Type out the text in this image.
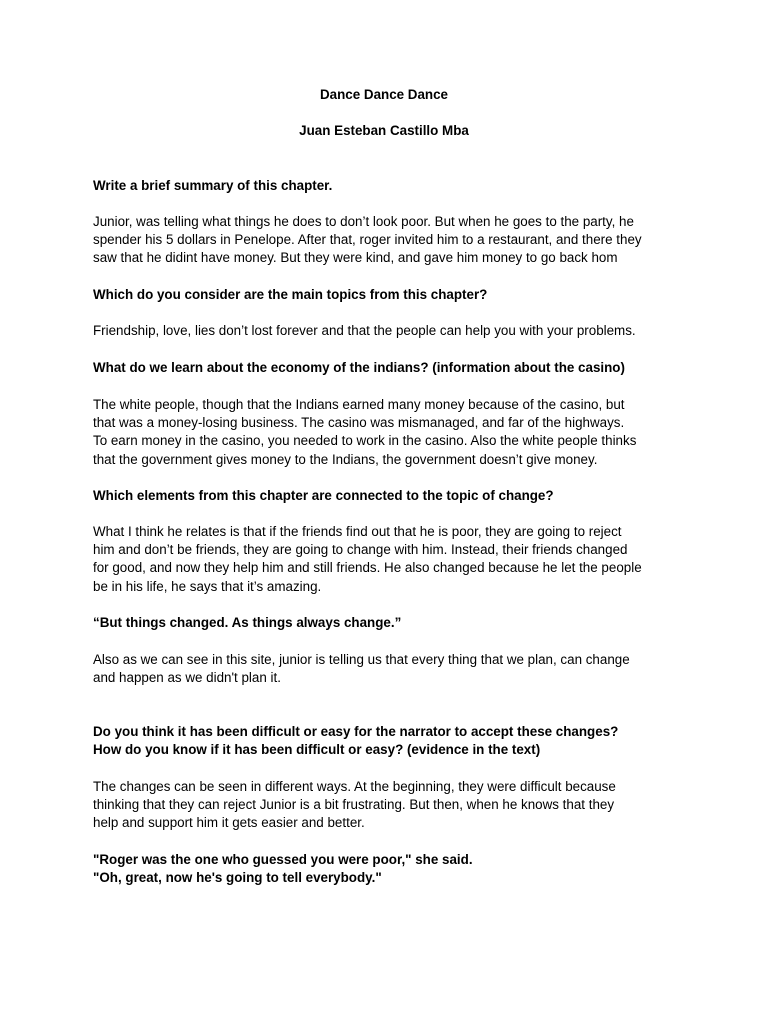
Dance Dance Dance

Juan Esteban Castillo Mba

Write a brief summary of this chapter.

Junior, was telling what things he does to don’t look poor. But when he goes to the party, he
spender his 5 dollars in Penelope. After that, roger invited him to a restaurant, and there they
saw that he didint have money. But they were kind, and gave him money to go back hom

Which do you consider are the main topics from this chapter?

Friendship, love, lies don’t lost forever and that the people can help you with your problems.

What do we learn about the economy of the indians? (information about the casino)

The white people, though that the Indians earned many money because of the casino, but
that was a money-losing business. The casino was mismanaged, and far of the highways.
To earn money in the casino, you needed to work in the casino. Also the white people thinks
that the government gives money to the Indians, the government doesn’t give money.

Which elements from this chapter are connected to the topic of change?

What I think he relates is that if the friends find out that he is poor, they are going to reject
him and don’t be friends, they are going to change with him. Instead, their friends changed
for good, and now they help him and still friends. He also changed because he let the people
be in his life, he says that it’s amazing.

“But things changed. As things always change.”

Also as we can see in this site, junior is telling us that every thing that we plan, can change
and happen as we didn't plan it.

Do you think it has been difficult or easy for the narrator to accept these changes?
How do you know if it has been difficult or easy? (evidence in the text)

The changes can be seen in different ways. At the beginning, they were difficult because
thinking that they can reject Junior is a bit frustrating. But then, when he knows that they
help and support him it gets easier and better.

"Roger was the one who guessed you were poor," she said.
"Oh, great, now he's going to tell everybody."
